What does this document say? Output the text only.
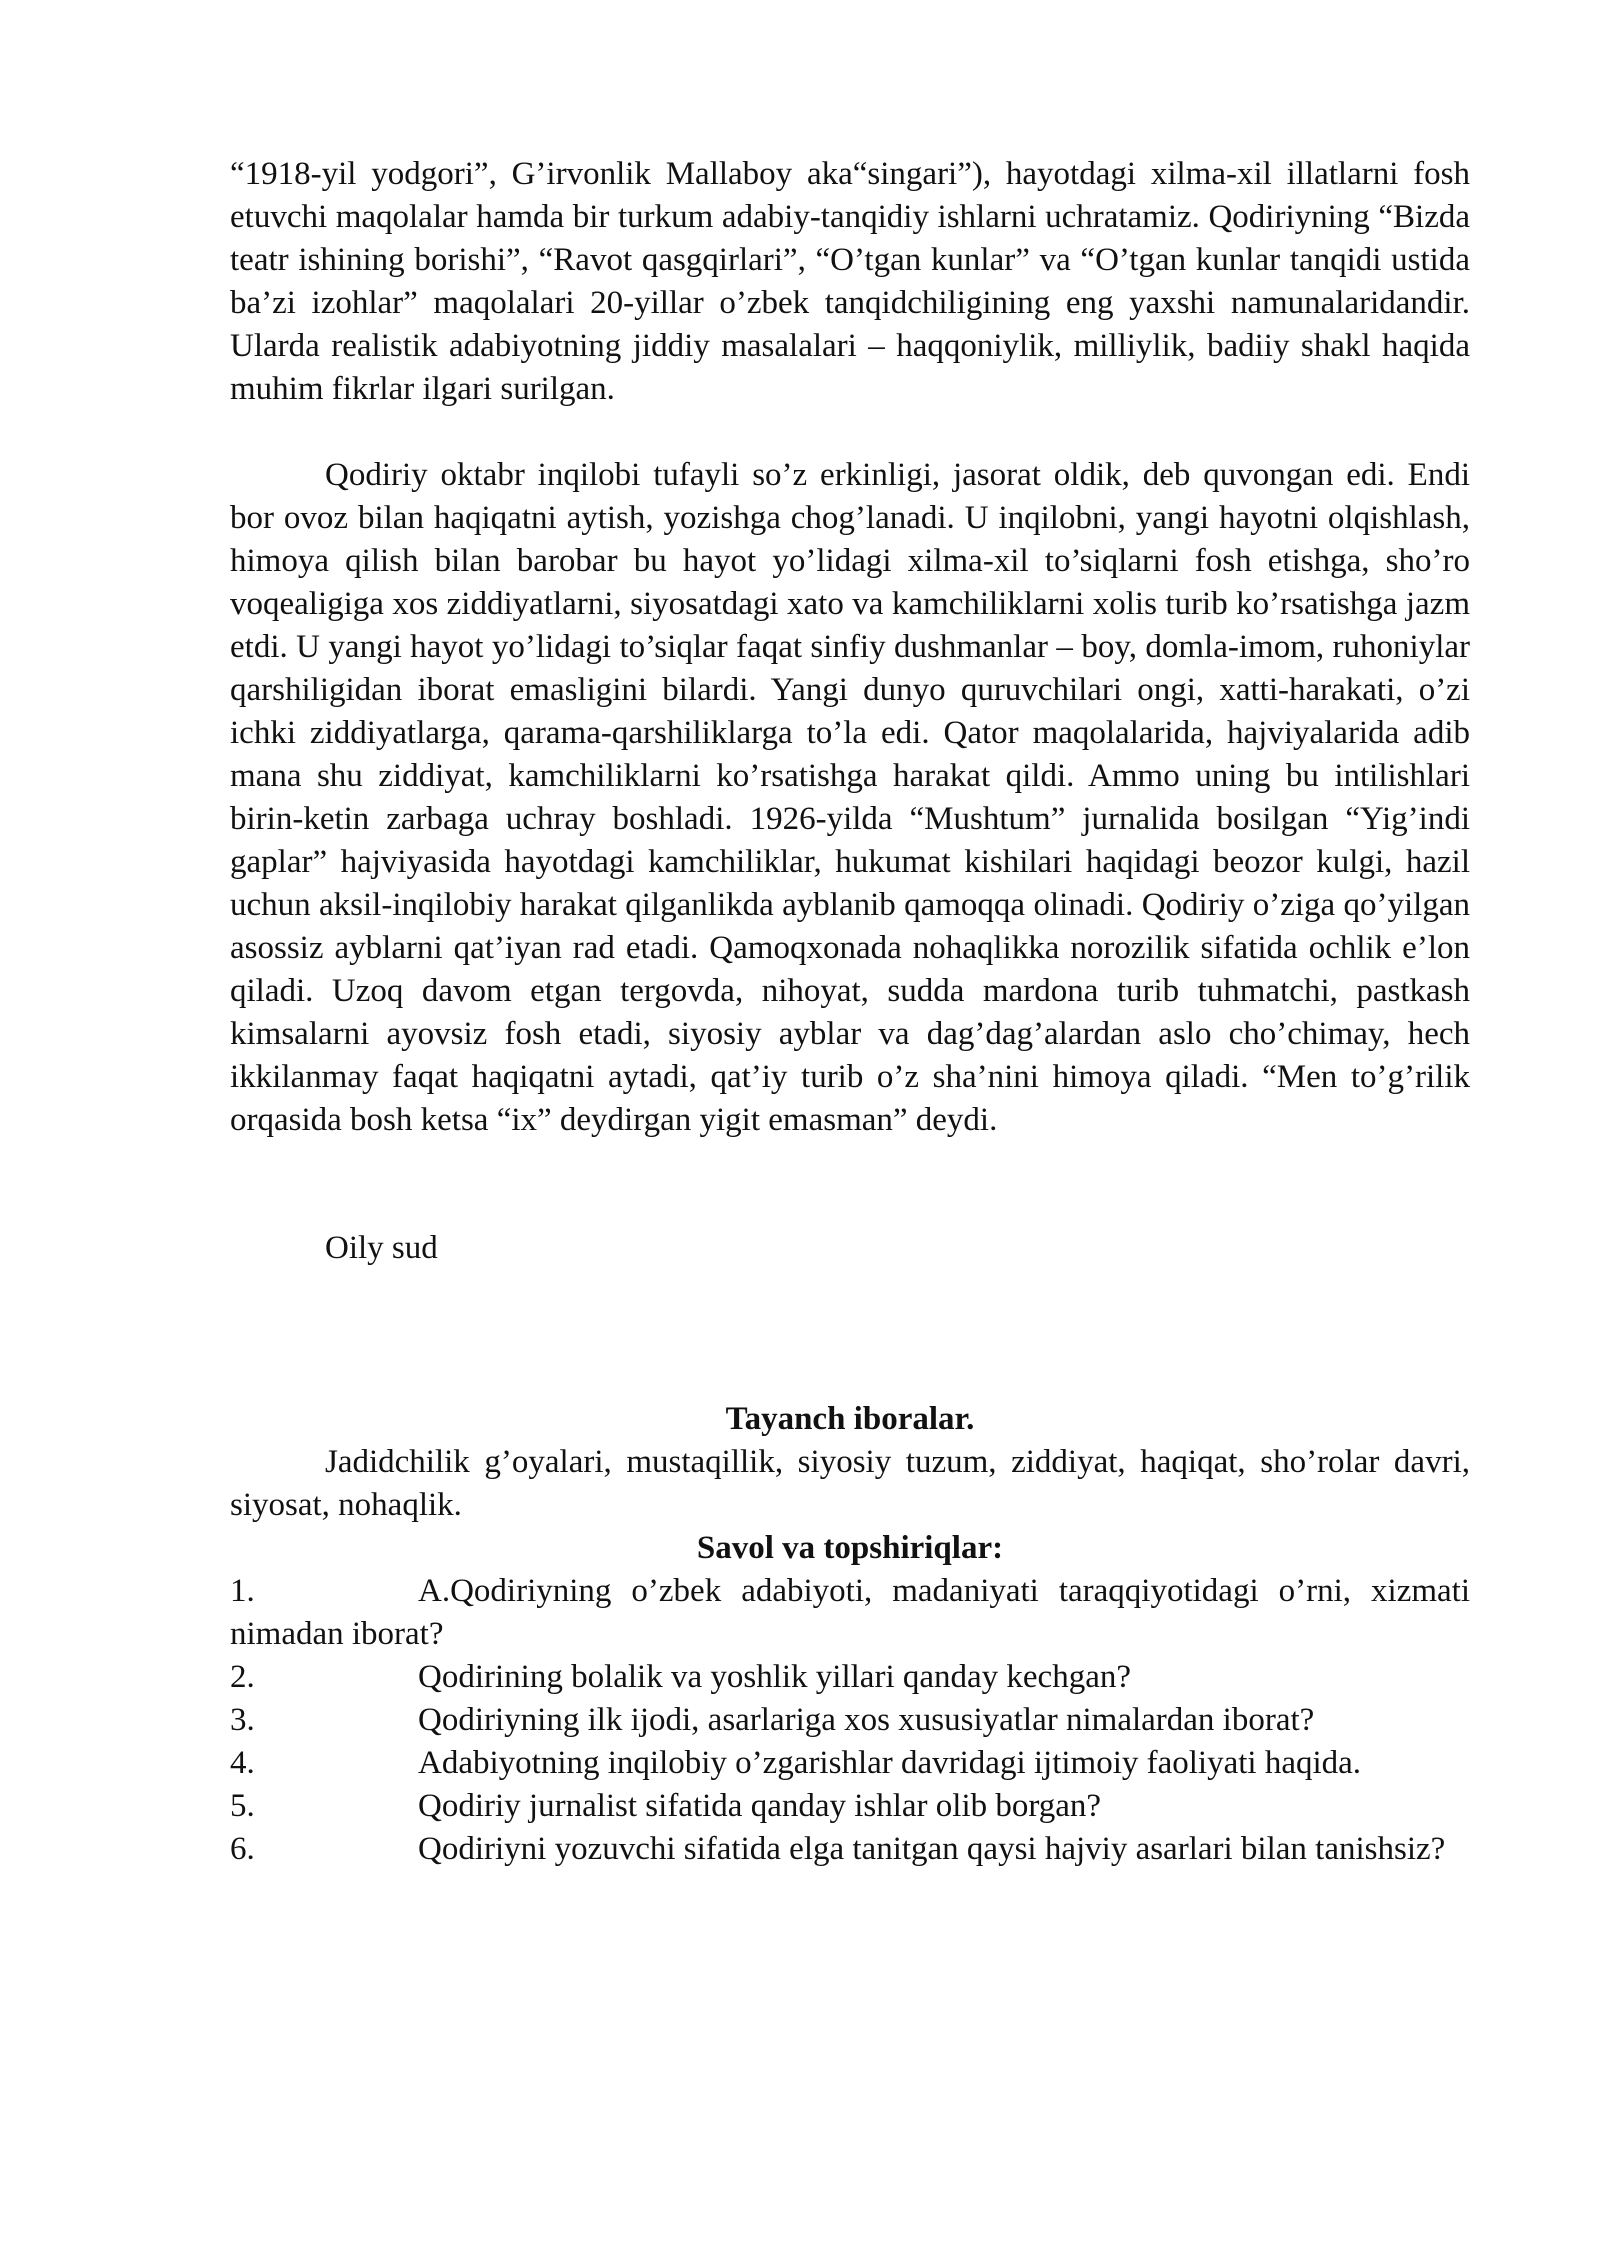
“1918-yil yodgori”, G’irvonlik Mallaboy aka“singari”), hayotdagi xilma-xil illatlarni fosh etuvchi maqolalar hamda bir turkum adabiy-tanqidiy ishlarni uchratamiz. Qodiriyning “Bizda teatr ishining borishi”, “Ravot qasgqirlari”, “O’tgan kunlar” va “O’tgan kunlar tanqidi ustida ba’zi izohlar” maqolalari 20-yillar o’zbek tanqidchiligining eng yaxshi namunalaridandir. Ularda realistik adabiyotning jiddiy masalalari – haqqoniylik, milliylik, badiiy shakl haqida muhim fikrlar ilgari surilgan.

Qodiriy oktabr inqilobi tufayli so’z erkinligi, jasorat oldik, deb quvongan edi. Endi bor ovoz bilan haqiqatni aytish, yozishga chog’lanadi. U inqilobni, yangi hayotni olqishlash, himoya qilish bilan barobar bu hayot yo’lidagi xilma-xil to’siqlarni fosh etishga, sho’ro voqealigiga xos ziddiyatlarni, siyosatdagi xato va kamchiliklarni xolis turib ko’rsatishga jazm etdi. U yangi hayot yo’lidagi to’siqlar faqat sinfiy dushmanlar – boy, domla-imom, ruhoniylar qarshiligidan iborat emasligini bilardi. Yangi dunyo quruvchilari ongi, xatti-harakati, o’zi ichki ziddiyatlarga, qarama-qarshiliklarga to’la edi. Qator maqolalarida, hajviyalarida adib mana shu ziddiyat, kamchiliklarni ko’rsatishga harakat qildi. Ammo uning bu intilishlari birin-ketin zarbaga uchray boshladi. 1926-yilda “Mushtum” jurnalida bosilgan “Yig’indi gaplar” hajviyasida hayotdagi kamchiliklar, hukumat kishilari haqidagi beozor kulgi, hazil uchun aksil-inqilobiy harakat qilganlikda ayblanib qamoqqa olinadi. Qodiriy o’ziga qo’yilgan asossiz ayblarni qat’iyan rad etadi. Qamoqxonada nohaqlikka norozilik sifatida ochlik e’lon qiladi. Uzoq davom etgan tergovda, nihoyat, sudda mardona turib tuhmatchi, pastkash kimsalarni ayovsiz fosh etadi, siyosiy ayblar va dag’dag’alardan aslo cho’chimay, hech ikkilanmay faqat haqiqatni aytadi, qat’iy turib o’z sha’nini himoya qiladi. “Men to’g’rilik orqasida bosh ketsa “ix” deydirgan yigit emasman” deydi.

Oily sud

Tayanch iboralar.

Jadidchilik g’oyalari, mustaqillik, siyosiy tuzum, ziddiyat, haqiqat, sho’rolar davri, siyosat, nohaqlik.

Savol va topshiriqlar:
1.	A.Qodiriyning o’zbek adabiyoti, madaniyati taraqqiyotidagi o’rni, xizmati nimadan iborat?
2.	Qodirining bolalik va yoshlik yillari qanday kechgan?
3.	Qodiriyning ilk ijodi, asarlariga xos xususiyatlar nimalardan iborat?
4.	Adabiyotning inqilobiy o’zgarishlar davridagi ijtimoiy faoliyati haqida.
5.	Qodiriy jurnalist sifatida qanday ishlar olib borgan?
6.	Qodiriyni yozuvchi sifatida elga tanitgan qaysi hajviy asarlari bilan tanishsiz?
